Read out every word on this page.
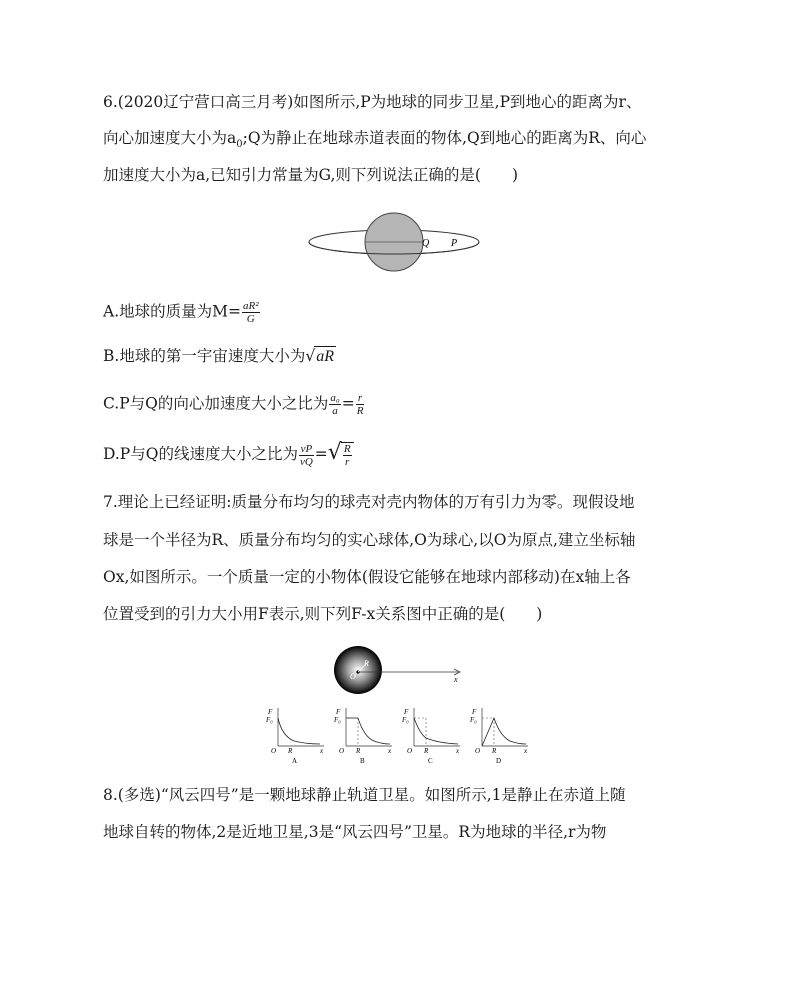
6.(2020辽宁营口高三月考)如图所示,P为地球的同步卫星,P到地心的距离为r、
向心加速度大小为$a_0;Q$为静止在地球赤道表面的物体,Q到地心的距离为R、向心
加速度大小为a,已知引力常量为G,则下列说法正确的是(　　)
Q P
A.地球的质量为$M= \frac{\text{aR²}}{G}$
B.地球的第一宇宙速度大小为√aR
C.P与Q的向心加速度大小之比为 $\frac{\text{a₀}}{a} = \frac{r}{R}$
D.P与Q的线速度大小之比为 $\frac{vP}{vQ}$ =√ $\frac{R}{r}$
7.理论上已经证明:质量分布均匀的球壳对壳内物体的万有引力为零。现假设地
球是一个半径为R、质量分布均匀的实心球体,O为球心,以O为原点,建立坐标轴
Ox,如图所示。一个质量一定的小物体(假设它能够在地球内部移动)在x轴上各
位置受到的引力大小用F表示,则下列F-x关系图中正确的是(　　)
O
R
x
F
F₀
O R	x
A
F
F₀
O R	x
B
F
F₀
O R	x
C
F
F₀
O R	x
D
8.(多选)“风云四号”是一颗地球静止轨道卫星。如图所示,1是静止在赤道上随
地球自转的物体,2是近地卫星,3是“风云四号”卫星。R为地球的半径,r为物
